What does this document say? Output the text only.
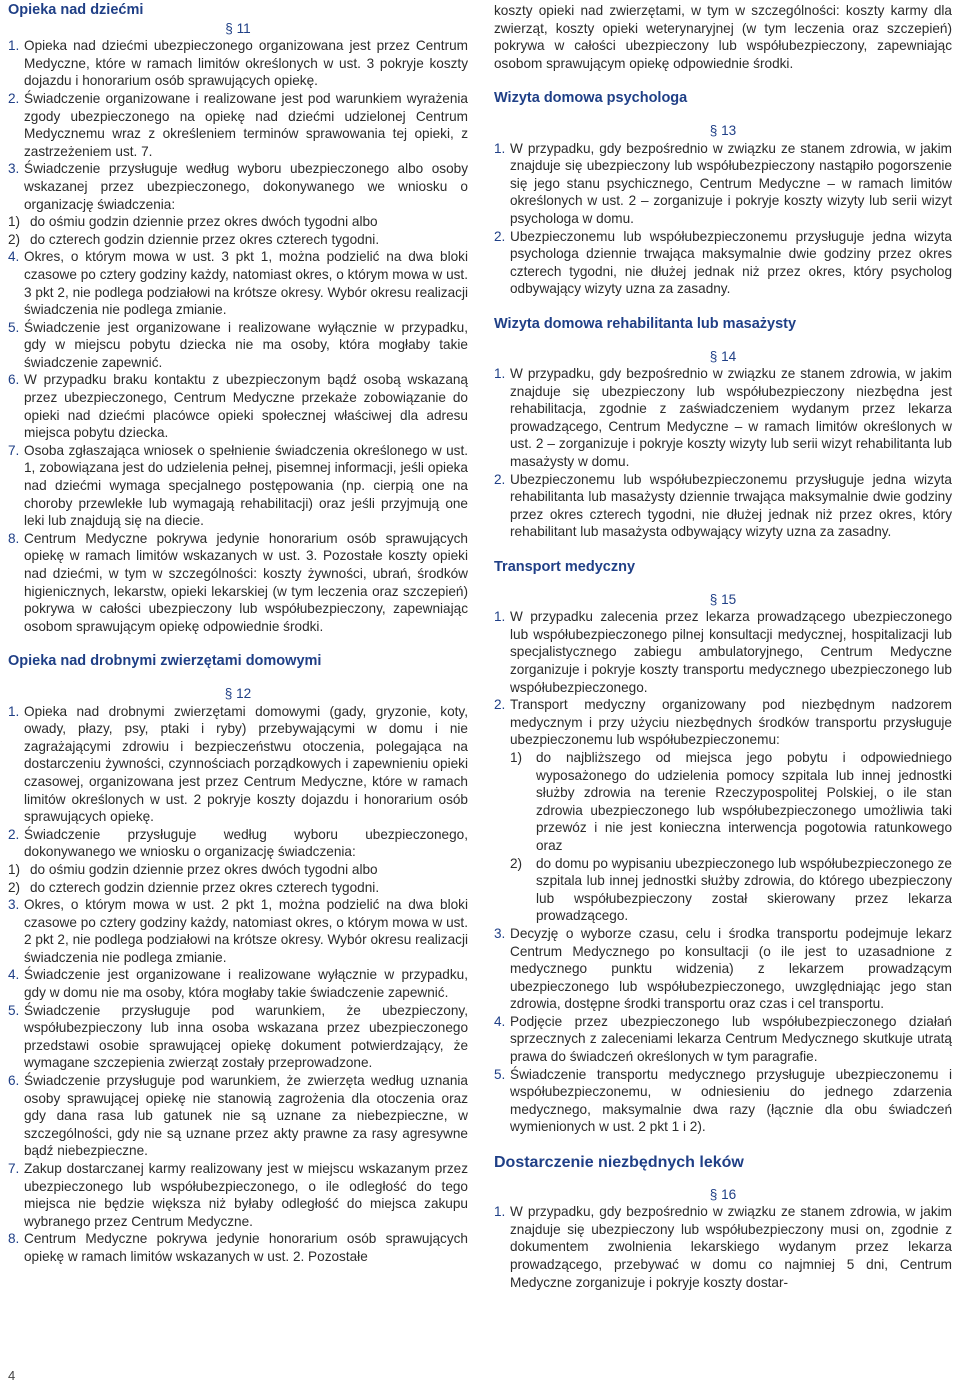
Opieka nad dziećmi

§ 11

1. Opieka nad dziećmi ubezpieczonego organizowana jest przez Centrum Medyczne, które w ramach limitów określonych w ust. 3 pokryje koszty dojazdu i honorarium osób sprawujących opiekę.
2. Świadczenie organizowane i realizowane jest pod warunkiem wyrażenia zgody ubezpieczonego na opiekę nad dziećmi udzielonej Centrum Medycznemu wraz z określeniem terminów sprawowania tej opieki, z zastrzeżeniem ust. 7.
3. Świadczenie przysługuje według wyboru ubezpieczonego albo osoby wskazanej przez ubezpieczonego, dokonywanego we wniosku o organizację świadczenia:
1) do ośmiu godzin dziennie przez okres dwóch tygodni albo
2) do czterech godzin dziennie przez okres czterech tygodni.
4. Okres, o którym mowa w ust. 3 pkt 1, można podzielić na dwa bloki czasowe po cztery godziny każdy, natomiast okres, o którym mowa w ust. 3 pkt 2, nie podlega podziałowi na krótsze okresy. Wybór okresu realizacji świadczenia nie podlega zmianie.
5. Świadczenie jest organizowane i realizowane wyłącznie w przypadku, gdy w miejscu pobytu dziecka nie ma osoby, która mogłaby takie świadczenie zapewnić.
6. W przypadku braku kontaktu z ubezpieczonym bądź osobą wskazaną przez ubezpieczonego, Centrum Medyczne przekaże zobowiązanie do opieki nad dziećmi placówce opieki społecznej właściwej dla adresu miejsca pobytu dziecka.
7. Osoba zgłaszająca wniosek o spełnienie świadczenia określonego w ust. 1, zobowiązana jest do udzielenia pełnej, pisemnej informacji, jeśli opieka nad dziećmi wymaga specjalnego postępowania (np. cierpią one na choroby przewlekłe lub wymagają rehabilitacji) oraz jeśli przyjmują one leki lub znajdują się na diecie.
8. Centrum Medyczne pokrywa jedynie honorarium osób sprawujących opiekę w ramach limitów wskazanych w ust. 3. Pozostałe koszty opieki nad dziećmi, w tym w szczególności: koszty żywności, ubrań, środków higienicznych, lekarstw, opieki lekarskiej (w tym leczenia oraz szczepień) pokrywa w całości ubezpieczony lub współubezpieczony, zapewniając osobom sprawującym opiekę odpowiednie środki.

Opieka nad drobnymi zwierzętami domowymi

§ 12

1. Opieka nad drobnymi zwierzętami domowymi (gady, gryzonie, koty, owady, płazy, psy, ptaki i ryby) przebywającymi w domu i nie zagrażającymi zdrowiu i bezpieczeństwu otoczenia, polegająca na dostarczeniu żywności, czynnościach porządkowych i zapewnieniu opieki czasowej, organizowana jest przez Centrum Medyczne, które w ramach limitów określonych w ust. 2 pokryje koszty dojazdu i honorarium osób sprawujących opiekę.
2. Świadczenie przysługuje według wyboru ubezpieczonego, dokonywanego we wniosku o organizację świadczenia:
1) do ośmiu godzin dziennie przez okres dwóch tygodni albo
2) do czterech godzin dziennie przez okres czterech tygodni.
3. Okres, o którym mowa w ust. 2 pkt 1, można podzielić na dwa bloki czasowe po cztery godziny każdy, natomiast okres, o którym mowa w ust. 2 pkt 2, nie podlega podziałowi na krótsze okresy. Wybór okresu realizacji świadczenia nie podlega zmianie.
4. Świadczenie jest organizowane i realizowane wyłącznie w przypadku, gdy w domu nie ma osoby, która mogłaby takie świadczenie zapewnić.
5. Świadczenie przysługuje pod warunkiem, że ubezpieczony, współubezpieczony lub inna osoba wskazana przez ubezpieczonego przedstawi osobie sprawującej opiekę dokument potwierdzający, że wymagane szczepienia zwierząt zostały przeprowadzone.
6. Świadczenie przysługuje pod warunkiem, że zwierzęta według uznania osoby sprawującej opiekę nie stanowią zagrożenia dla otoczenia oraz gdy dana rasa lub gatunek nie są uznane za niebezpieczne, w szczególności, gdy nie są uznane przez akty prawne za rasy agresywne bądź niebezpieczne.
7. Zakup dostarczanej karmy realizowany jest w miejscu wskazanym przez ubezpieczonego lub współubezpieczonego, o ile odległość do tego miejsca nie będzie większa niż byłaby odległość do miejsca zakupu wybranego przez Centrum Medyczne.
8. Centrum Medyczne pokrywa jedynie honorarium osób sprawujących opiekę w ramach limitów wskazanych w ust. 2. Pozostałe

koszty opieki nad zwierzętami, w tym w szczególności: koszty karmy dla zwierząt, koszty opieki weterynaryjnej (w tym leczenia oraz szczepień) pokrywa w całości ubezpieczony lub współubezpieczony, zapewniając osobom sprawującym opiekę odpowiednie środki.

Wizyta domowa psychologa

§ 13

1. W przypadku, gdy bezpośrednio w związku ze stanem zdrowia, w jakim znajduje się ubezpieczony lub współubezpieczony nastąpiło pogorszenie się jego stanu psychicznego, Centrum Medyczne – w ramach limitów określonych w ust. 2 – zorganizuje i pokryje koszty wizyty lub serii wizyt psychologa w domu.
2. Ubezpieczonemu lub współubezpieczonemu przysługuje jedna wizyta psychologa dziennie trwająca maksymalnie dwie godziny przez okres czterech tygodni, nie dłużej jednak niż przez okres, który psycholog odbywający wizyty uzna za zasadny.

Wizyta domowa rehabilitanta lub masażysty

§ 14

1. W przypadku, gdy bezpośrednio w związku ze stanem zdrowia, w jakim znajduje się ubezpieczony lub współubezpieczony niezbędna jest rehabilitacja, zgodnie z zaświadczeniem wydanym przez lekarza prowadzącego, Centrum Medyczne – w ramach limitów określonych w ust. 2 – zorganizuje i pokryje koszty wizyty lub serii wizyt rehabilitanta lub masażysty w domu.
2. Ubezpieczonemu lub współubezpieczonemu przysługuje jedna wizyta rehabilitanta lub masażysty dziennie trwająca maksymalnie dwie godziny przez okres czterech tygodni, nie dłużej jednak niż przez okres, który rehabilitant lub masażysta odbywający wizyty uzna za zasadny.

Transport medyczny

§ 15

1. W przypadku zalecenia przez lekarza prowadzącego ubezpieczonego lub współubezpieczonego pilnej konsultacji medycznej, hospitalizacji lub specjalistycznego zabiegu ambulatoryjnego, Centrum Medyczne zorganizuje i pokryje koszty transportu medycznego ubezpieczonego lub współubezpieczonego.
2. Transport medyczny organizowany pod niezbędnym nadzorem medycznym i przy użyciu niezbędnych środków transportu przysługuje ubezpieczonemu lub współubezpieczonemu:
1)	do najbliższego od miejsca jego pobytu i odpowiedniego wyposażonego do udzielenia pomocy szpitala lub innej jednostki służby zdrowia na terenie Rzeczypospolitej Polskiej, o ile stan zdrowia ubezpieczonego lub współubezpieczonego umożliwia taki przewóz i nie jest konieczna interwencja pogotowia ratunkowego oraz
2)	do domu po wypisaniu ubezpieczonego lub współubezpieczonego ze szpitala lub innej jednostki służby zdrowia, do którego ubezpieczony lub współubezpieczony został skierowany przez lekarza prowadzącego.
3. Decyzję o wyborze czasu, celu i środka transportu podejmuje lekarz Centrum Medycznego po konsultacji (o ile jest to uzasadnione z medycznego punktu widzenia) z lekarzem prowadzącym ubezpieczonego lub współubezpieczonego, uwzględniając jego stan zdrowia, dostępne środki transportu oraz czas i cel transportu.
4. Podjęcie przez ubezpieczonego lub współubezpieczonego działań sprzecznych z zaleceniami lekarza Centrum Medycznego skutkuje utratą prawa do świadczeń określonych w tym paragrafie.
5. Świadczenie transportu medycznego przysługuje ubezpieczonemu i współubezpieczonemu, w odniesieniu do jednego zdarzenia medycznego, maksymalnie dwa razy (łącznie dla obu świadczeń wymienionych w ust. 2 pkt 1 i 2).

Dostarczenie niezbędnych leków

§ 16

1. W przypadku, gdy bezpośrednio w związku ze stanem zdrowia, w jakim znajduje się ubezpieczony lub współubezpieczony musi on, zgodnie z dokumentem zwolnienia lekarskiego wydanym przez lekarza prowadzącego, przebywać w domu co najmniej 5 dni, Centrum Medyczne zorganizuje i pokryje koszty dostar-
4
